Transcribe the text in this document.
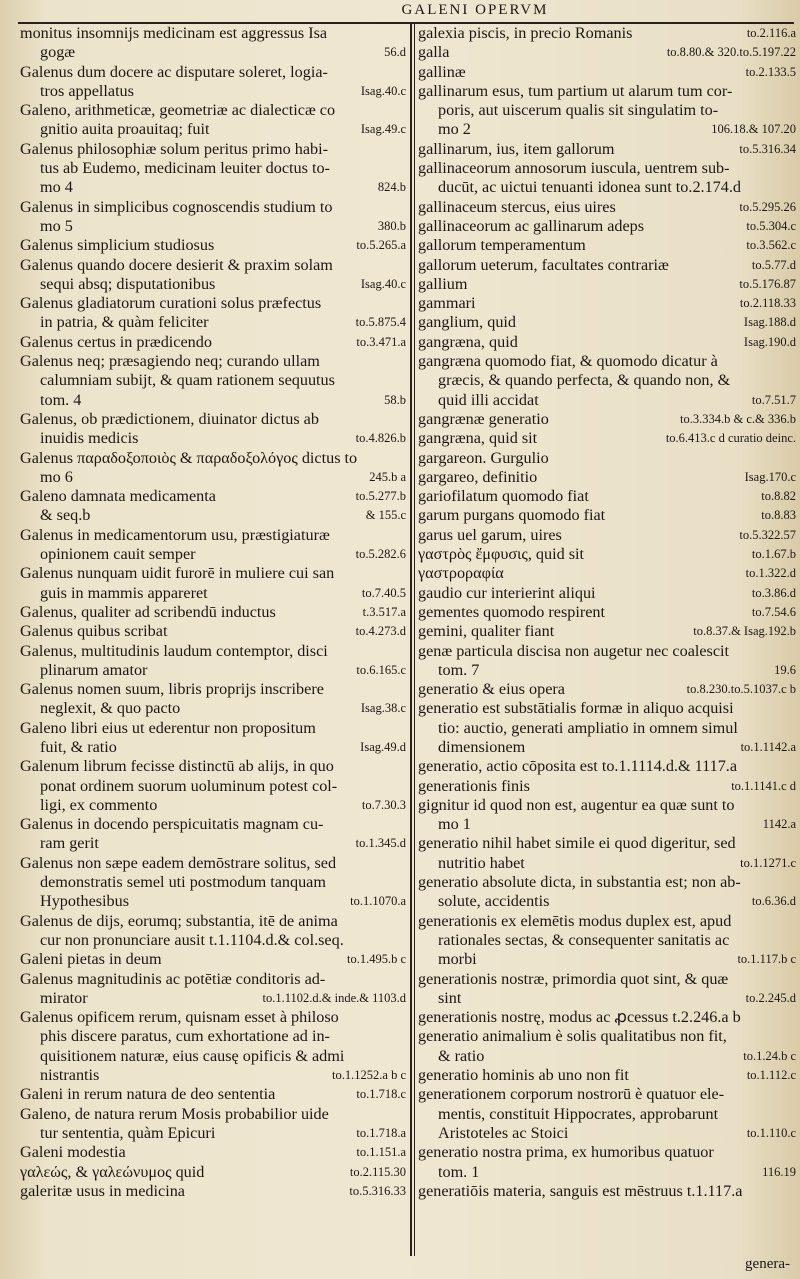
GALENI OPERVM
monitus insomnijs medicinam est aggressus Isa
gogæ	56.d
Galenus dum docere ac disputare soleret, logia-
tros appellatus	Isag.40.c
Galeno, arithmeticæ, geometriæ ac dialecticæ co
gnitio auita proauitaq; fuit	Isag.49.c
Galenus philosophiæ solum peritus primo habi-
tus ab Eudemo, medicinam leuiter doctus to-
mo 4	824.b
Galenus in simplicibus cognoscendis studium to
mo 5	380.b
Galenus simplicium studiosus	to.5.265.a
Galenus quando docere desierit & praxim solam
sequi absq; disputationibus	Isag.40.c
Galenus gladiatorum curationi solus præfectus
in patria, & quàm feliciter	to.5.875.4
Galenus certus in prædicendo	to.3.471.a
Galenus neq; præsagiendo neq; curando ullam
calumniam subijt, & quam rationem sequutus
tom. 4	58.b
Galenus, ob prædictionem, diuinator dictus ab
inuidis medicis	to.4.826.b
Galenus παραδοξοποιὸς & παραδοξολόγος dictus to
mo 6	245.b a
Galeno damnata medicamenta	to.5.277.b
& seq.b	& 155.c
Galenus in medicamentorum usu, præstigiaturæ
opinionem cauit semper	to.5.282.6
Galenus nunquam uidit furorē in muliere cui san
guis in mammis appareret	to.7.40.5
Galenus, qualiter ad scribendū inductus	t.3.517.a
Galenus quibus scribat	to.4.273.d
Galenus, multitudinis laudum contemptor, disci
plinarum amator	to.6.165.c
Galenus nomen suum, libris proprijs inscribere
neglexit, & quo pacto	Isag.38.c
Galeno libri eius ut ederentur non propositum
fuit, & ratio	Isag.49.d
Galenum librum fecisse distinctū ab alijs, in quo
ponat ordinem suorum uoluminum potest col-
ligi, ex commento	to.7.30.3
Galenus in docendo perspicuitatis magnam cu-
ram gerit	to.1.345.d
Galenus non sæpe eadem demōstrare solitus, sed
demonstratis semel uti postmodum tanquam
Hypothesibus	to.1.1070.a
Galenus de dijs, eorumq; substantia, itē de anima
cur non pronunciare ausit t.1.1104.d.& col.seq.
Galeni pietas in deum	to.1.495.b c
Galenus magnitudinis ac potētiæ conditoris ad-
mirator	to.1.1102.d.& inde.& 1103.d
Galenus opificem rerum, quisnam esset à philoso
phis discere paratus, cum exhortatione ad in-
quisitionem naturæ, eius causę opificis & admi
nistrantis	to.1.1252.a b c
Galeni in rerum natura de deo sententia	to.1.718.c
Galeno, de natura rerum Mosis probabilior uide
tur sententia, quàm Epicuri	to.1.718.a
Galeni modestia	to.1.151.a
γαλεώς, & γαλεώνυμος quid	to.2.115.30
galeritæ usus in medicina	to.5.316.33
galexia piscis, in precio Romanis	to.2.116.a
galla	to.8.80.& 320.to.5.197.22
gallinæ	to.2.133.5
gallinarum esus, tum partium ut alarum tum cor-
poris, aut uiscerum qualis sit singulatim to-
mo 2	106.18.& 107.20
gallinarum, ius, item gallorum	to.5.316.34
gallinaceorum annosorum iuscula, uentrem sub-
ducūt, ac uictui tenuanti idonea sunt to.2.174.d
gallinaceum stercus, eius uires	to.5.295.26
gallinaceorum ac gallinarum adeps	to.5.304.c
gallorum temperamentum	to.3.562.c
gallorum ueterum, facultates contrariæ	to.5.77.d
gallium	to.5.176.87
gammari	to.2.118.33
ganglium, quid	Isag.188.d
gangræna, quid	Isag.190.d
gangræna quomodo fiat, & quomodo dicatur à
græcis, & quando perfecta, & quando non, &
quid illi accidat	to.7.51.7
gangrænæ generatio	to.3.334.b & c.& 336.b
gangræna, quid sit	to.6.413.c d curatio deinc.
gargareon. Gurgulio
gargareo, definitio	Isag.170.c
gariofilatum quomodo fiat	to.8.82
garum purgans quomodo fiat	to.8.83
garus uel garum, uires	to.5.322.57
γαστρὸς ἔμφυσις, quid sit	to.1.67.b
γαστροραφία	to.1.322.d
gaudio cur interierint aliqui	to.3.86.d
gementes quomodo respirent	to.7.54.6
gemini, qualiter fiant	to.8.37.& Isag.192.b
genæ particula discisa non augetur nec coalescit
tom. 7	19.6
generatio & eius opera	to.8.230.to.5.1037.c b
generatio est substātialis formæ in aliquo acquisi
tio: auctio, generati ampliatio in omnem simul
dimensionem	to.1.1142.a
generatio, actio cōposita est to.1.1114.d.& 1117.a
generationis finis	to.1.1141.c d
gignitur id quod non est, augentur ea quæ sunt to
mo 1	1142.a
generatio nihil habet simile ei quod digeritur, sed
nutritio habet	to.1.1271.c
generatio absolute dicta, in substantia est; non ab-
solute, accidentis	to.6.36.d
generationis ex elemētis modus duplex est, apud
rationales sectas, & consequenter sanitatis ac
morbi	to.1.117.b c
generationis nostræ, primordia quot sint, & quæ
sint	to.2.245.d
generationis nostrę, modus ac ꝓcessus t.2.246.a b
generatio animalium è solis qualitatibus non fit,
& ratio	to.1.24.b c
generatio hominis ab uno non fit	to.1.112.c
generationem corporum nostrorū è quatuor ele-
mentis, constituit Hippocrates, approbarunt
Aristoteles ac Stoici	to.1.110.c
generatio nostra prima, ex humoribus quatuor
tom. 1	116.19
generatiōis materia, sanguis est mēstruus t.1.117.a
genera-
